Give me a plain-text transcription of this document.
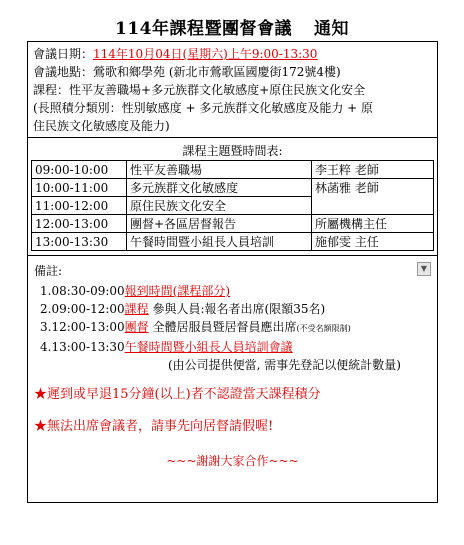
114年課程暨團督會議 通知
會議日期：114年10月04日(星期六)上午9:00-13:30
會議地點：鶯歌和鄉學苑 (新北市鶯歌區國慶街172號4樓)
課程：性平友善職場+多元族群文化敏感度+原住民族文化安全
(長照積分類別：性別敏感度 + 多元族群文化敏感度及能力 + 原
住民族文化敏感度及能力)
課程主題暨時間表:
09:00-10:00	性平友善職場	李王粹 老師
10:00-11:00	多元族群文化敏感度	林菡雅 老師
11:00-12:00	原住民族文化安全	
12:00-13:00	團督+各區居督報告	所屬機構主任
13:00-13:30	午餐時間暨小組長人員培訓	施郁雯 主任
備註:	▼
1.08:30-09:00報到時間(課程部分)
2.09:00-12:00課程 參與人員:報名者出席(限額35名)
3.12:00-13:00團督 全體居服員暨居督員應出席(不受名額限制)
4.13:00-13:30午餐時間暨小組長人員培訓會議
(由公司提供便當, 需事先登記以便統計數量)
★遲到或早退15分鐘(以上)者不認證當天課程積分
★無法出席會議者，請事先向居督請假喔!
~~~謝謝大家合作~~~
